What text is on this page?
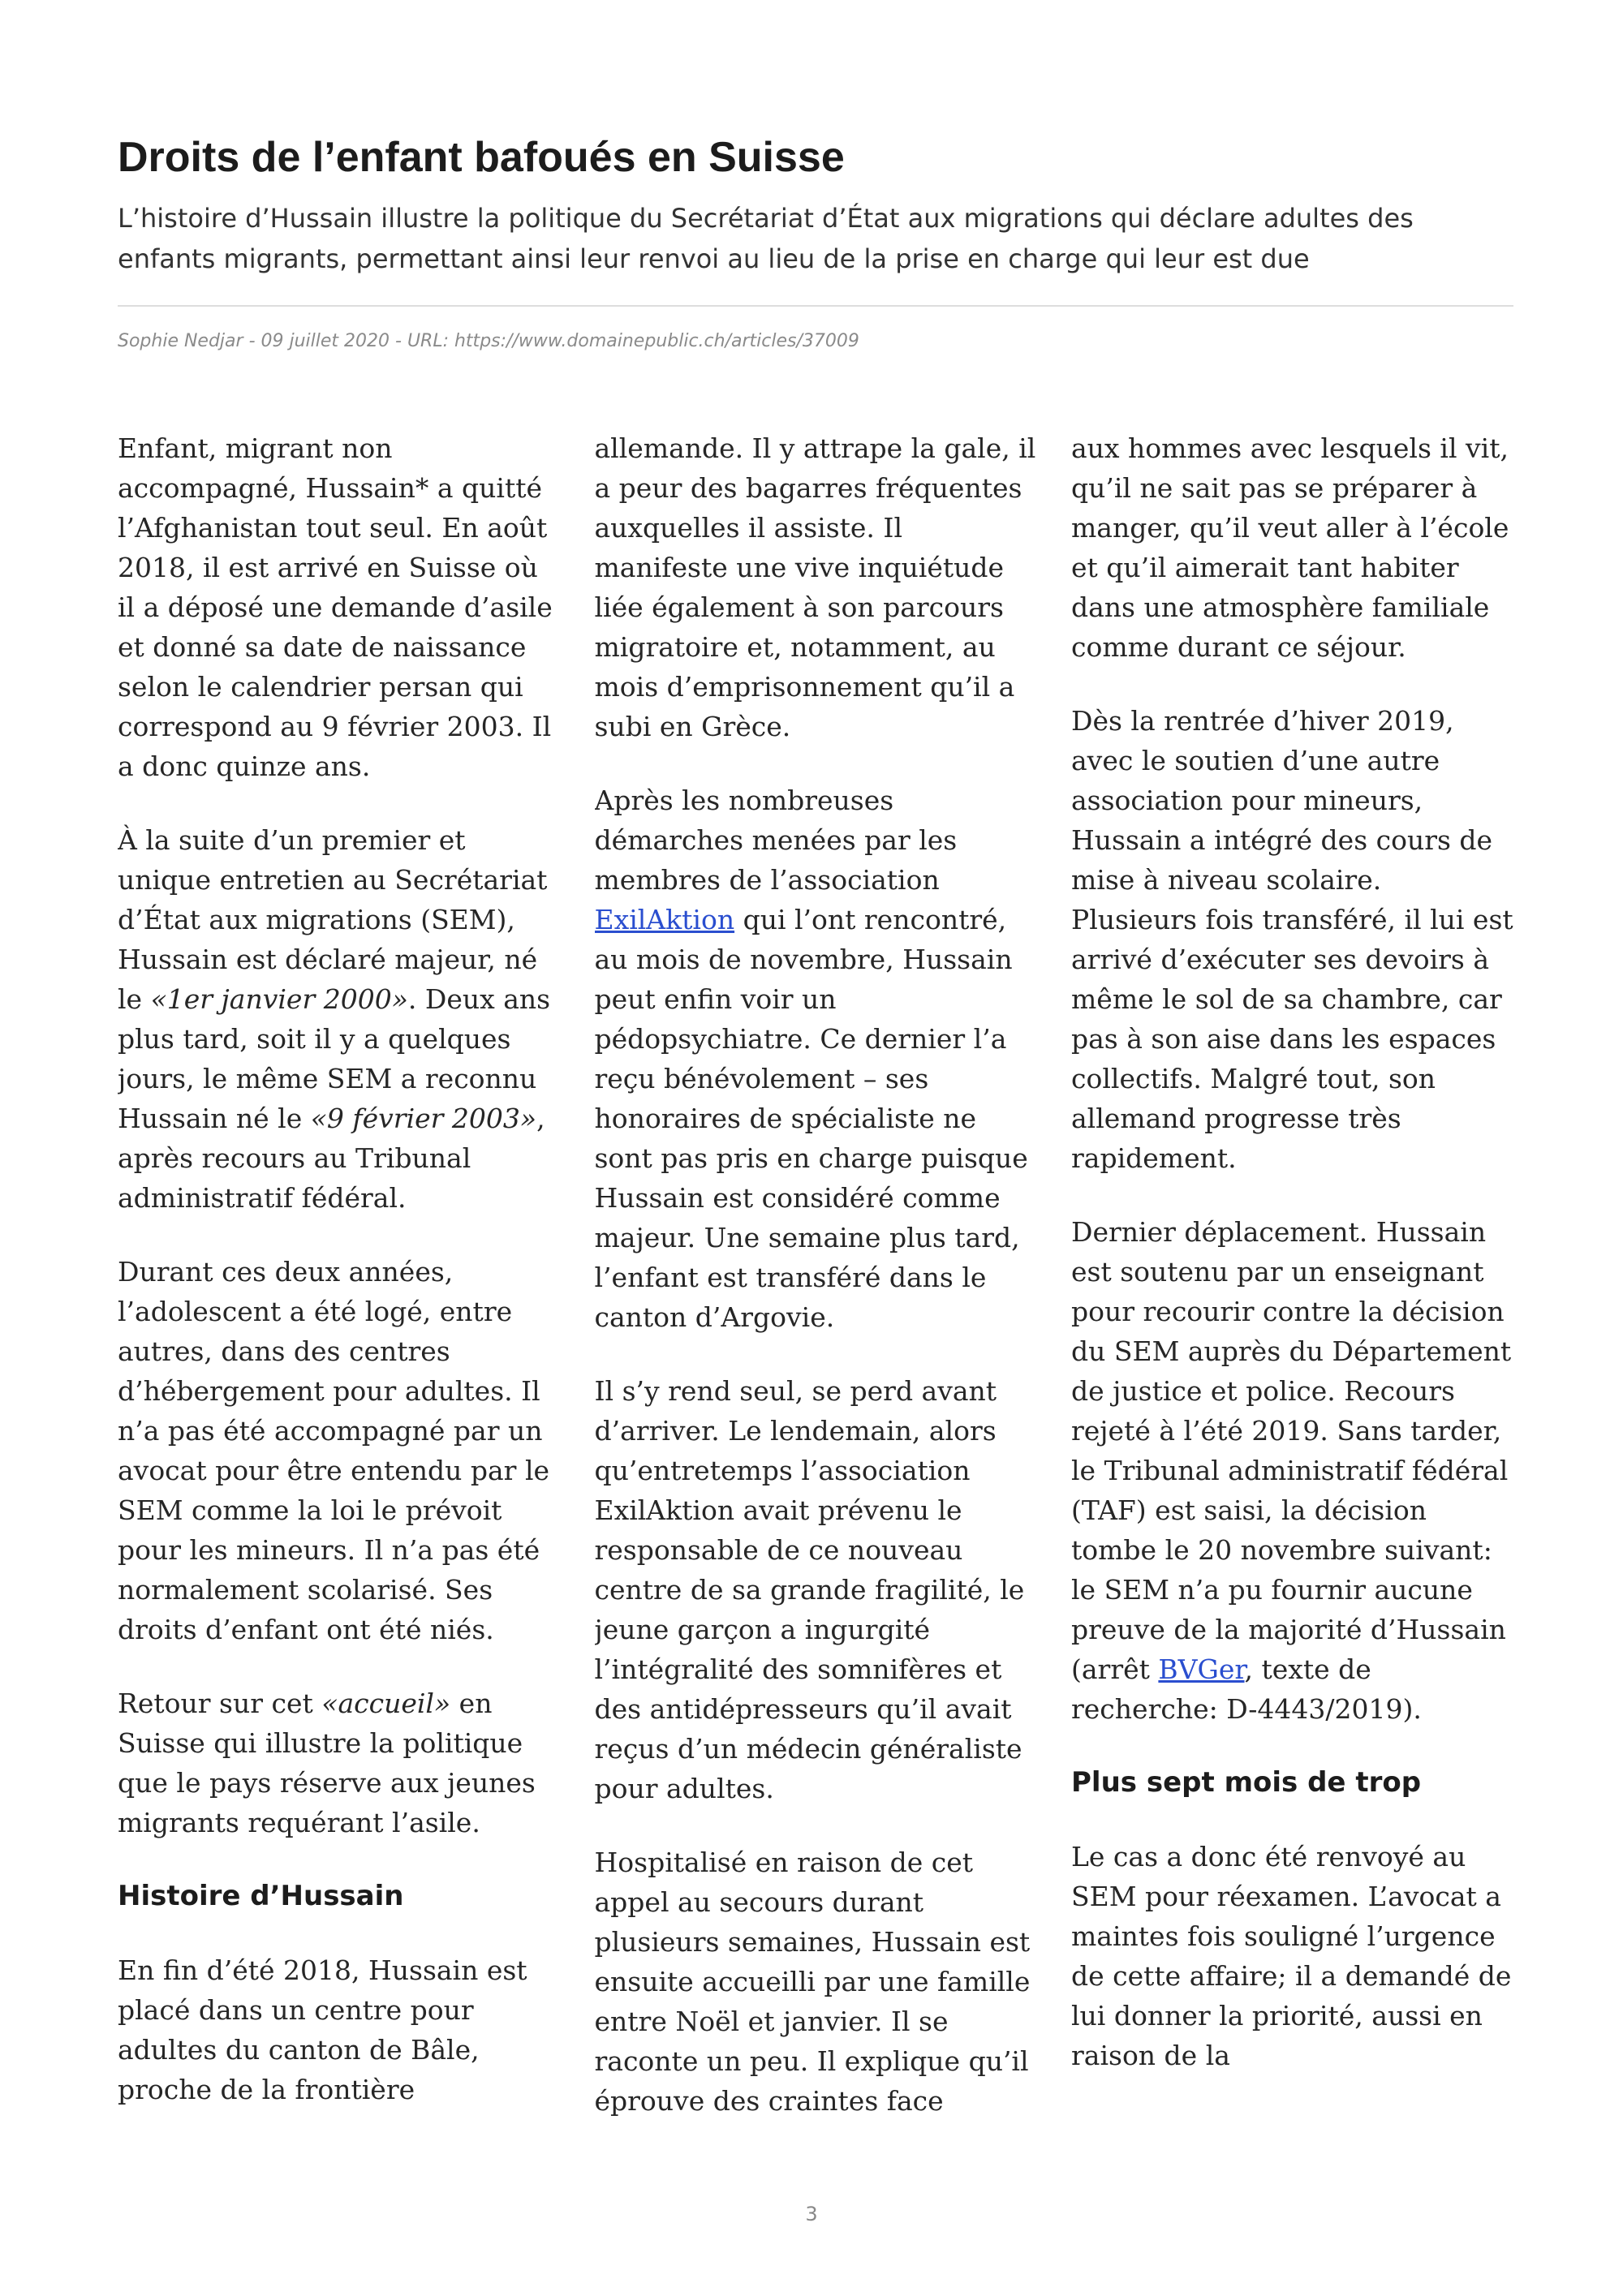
Droits de l’enfant bafoués en Suisse

L’histoire d’Hussain illustre la politique du Secrétariat d’État aux migrations qui déclare adultes des enfants migrants, permettant ainsi leur renvoi au lieu de la prise en charge qui leur est due

Sophie Nedjar - 09 juillet 2020 - URL: https://www.domainepublic.ch/articles/37009

Enfant, migrant non accompagné, Hussain* a quitté l’Afghanistan tout seul. En août 2018, il est arrivé en Suisse où il a déposé une demande d’asile et donné sa date de naissance selon le calendrier persan qui correspond au 9 février 2003. Il a donc quinze ans.

À la suite d’un premier et unique entretien au Secrétariat d’État aux migrations (SEM), Hussain est déclaré majeur, né le «1er janvier 2000». Deux ans plus tard, soit il y a quelques jours, le même SEM a reconnu Hussain né le «9 février 2003», après recours au Tribunal administratif fédéral.

Durant ces deux années, l’adolescent a été logé, entre autres, dans des centres d’hébergement pour adultes. Il n’a pas été accompagné par un avocat pour être entendu par le SEM comme la loi le prévoit pour les mineurs. Il n’a pas été normalement scolarisé. Ses droits d’enfant ont été niés.

Retour sur cet «accueil» en Suisse qui illustre la politique que le pays réserve aux jeunes migrants requérant l’asile.

Histoire d’Hussain

En fin d’été 2018, Hussain est placé dans un centre pour adultes du canton de Bâle, proche de la frontière

allemande. Il y attrape la gale, il a peur des bagarres fréquentes auxquelles il assiste. Il manifeste une vive inquiétude liée également à son parcours migratoire et, notamment, au mois d’emprisonnement qu’il a subi en Grèce.

Après les nombreuses démarches menées par les membres de l’association ExilAktion qui l’ont rencontré, au mois de novembre, Hussain peut enfin voir un pédopsychiatre. Ce dernier l’a reçu bénévolement – ses honoraires de spécialiste ne sont pas pris en charge puisque Hussain est considéré comme majeur. Une semaine plus tard, l’enfant est transféré dans le canton d’Argovie.

Il s’y rend seul, se perd avant d’arriver. Le lendemain, alors qu’entretemps l’association ExilAktion avait prévenu le responsable de ce nouveau centre de sa grande fragilité, le jeune garçon a ingurgité l’intégralité des somnifères et des antidépresseurs qu’il avait reçus d’un médecin généraliste pour adultes.

Hospitalisé en raison de cet appel au secours durant plusieurs semaines, Hussain est ensuite accueilli par une famille entre Noël et janvier. Il se raconte un peu. Il explique qu’il éprouve des craintes face

aux hommes avec lesquels il vit, qu’il ne sait pas se préparer à manger, qu’il veut aller à l’école et qu’il aimerait tant habiter dans une atmosphère familiale comme durant ce séjour.

Dès la rentrée d’hiver 2019, avec le soutien d’une autre association pour mineurs, Hussain a intégré des cours de mise à niveau scolaire. Plusieurs fois transféré, il lui est arrivé d’exécuter ses devoirs à même le sol de sa chambre, car pas à son aise dans les espaces collectifs. Malgré tout, son allemand progresse très rapidement.

Dernier déplacement. Hussain est soutenu par un enseignant pour recourir contre la décision du SEM auprès du Département de justice et police. Recours rejeté à l’été 2019. Sans tarder, le Tribunal administratif fédéral (TAF) est saisi, la décision tombe le 20 novembre suivant: le SEM n’a pu fournir aucune preuve de la majorité d’Hussain (arrêt BVGer, texte de recherche: D-4443/2019).

Plus sept mois de trop

Le cas a donc été renvoyé au SEM pour réexamen. L’avocat a maintes fois souligné l’urgence de cette affaire; il a demandé de lui donner la priorité, aussi en raison de la

3
